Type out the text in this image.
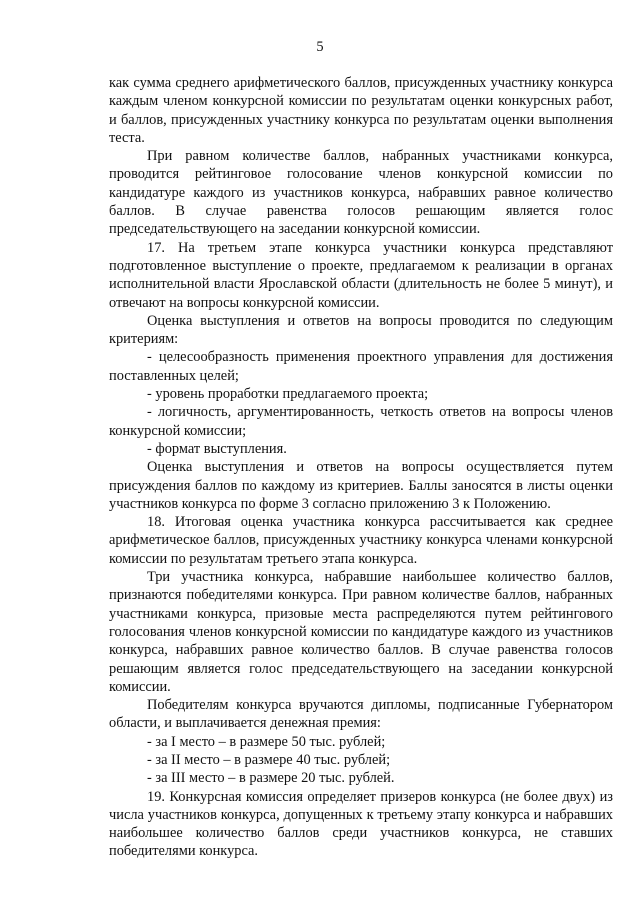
5

как сумма среднего арифметического баллов, присужденных участнику конкурса каждым членом конкурсной комиссии по результатам оценки конкурсных работ, и баллов, присужденных участнику конкурса по результатам оценки выполнения теста.

При равном количестве баллов, набранных участниками конкурса, проводится рейтинговое голосование членов конкурсной комиссии по кандидатуре каждого из участников конкурса, набравших равное количество баллов. В случае равенства голосов решающим является голос председательствующего на заседании конкурсной комиссии.

17. На третьем этапе конкурса участники конкурса представляют подготовленное выступление о проекте, предлагаемом к реализации в органах исполнительной власти Ярославской области (длительность не более 5 минут), и отвечают на вопросы конкурсной комиссии.

Оценка выступления и ответов на вопросы проводится по следующим критериям:

- целесообразность применения проектного управления для достижения поставленных целей;

- уровень проработки предлагаемого проекта;

- логичность, аргументированность, четкость ответов на вопросы членов конкурсной комиссии;

- формат выступления.

Оценка выступления и ответов на вопросы осуществляется путем присуждения баллов по каждому из критериев. Баллы заносятся в листы оценки участников конкурса по форме 3 согласно приложению 3 к Положению.

18. Итоговая оценка участника конкурса рассчитывается как среднее арифметическое баллов, присужденных участнику конкурса членами конкурсной комиссии по результатам третьего этапа конкурса.

Три участника конкурса, набравшие наибольшее количество баллов, признаются победителями конкурса. При равном количестве баллов, набранных участниками конкурса, призовые места распределяются путем рейтингового голосования членов конкурсной комиссии по кандидатуре каждого из участников конкурса, набравших равное количество баллов. В случае равенства голосов решающим является голос председательствующего на заседании конкурсной комиссии.

Победителям конкурса вручаются дипломы, подписанные Губернатором области, и выплачивается денежная премия:

- за I место – в размере 50 тыс. рублей;

- за II место – в размере 40 тыс. рублей;

- за III место – в размере 20 тыс. рублей.

19. Конкурсная комиссия определяет призеров конкурса (не более двух) из числа участников конкурса, допущенных к третьему этапу конкурса и набравших наибольшее количество баллов среди участников конкурса, не ставших победителями конкурса.
